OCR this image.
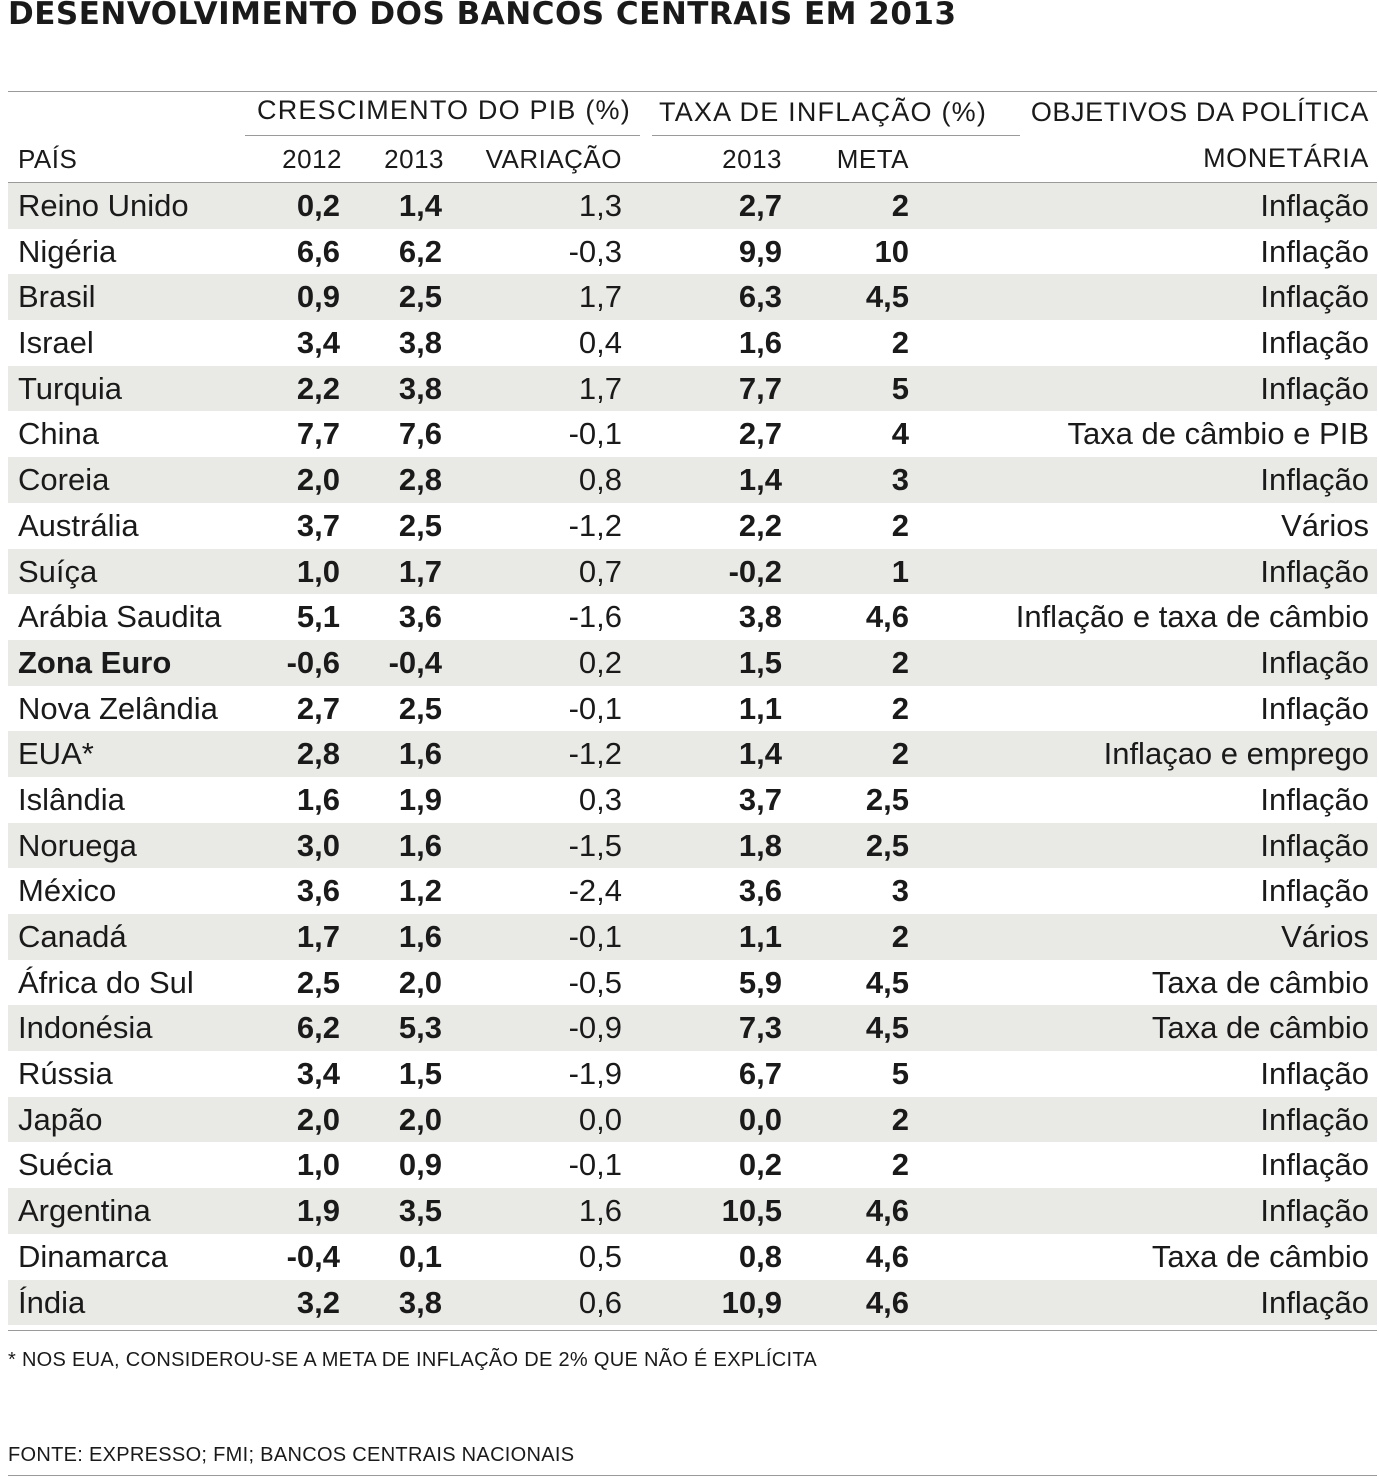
DESENVOLVIMENTO DOS BANCOS CENTRAIS EM 2013
CRESCIMENTO DO PIB (%) TAXA DE INFLAÇÃO (%) OBJETIVOS DA POLÍTICA
MONETÁRIA
PAÍS	2012 2013 VARIAÇÃO	2013 META
Reino Unido	0,2 1,4	1,3	2,7	2	Inflação
Nigéria	6,6 6,2	-0,3	9,9	10	Inflação
Brasil	0,9 2,5	1,7	6,3	4,5	Inflação
Israel	3,4 3,8	0,4	1,6	2	Inflação
Turquia	2,2 3,8	1,7	7,7	5	Inflação
China	7,7 7,6	-0,1	2,7	4	Taxa de câmbio e PIB
Coreia	2,0 2,8	0,8	1,4	3	Inflação
Austrália	3,7 2,5	-1,2	2,2	2	Vários
Suíça	1,0 1,7	0,7	-0,2	1	Inflação
Arábia Saudita 5,1 3,6	-1,6	3,8	4,6	Inflação e taxa de câmbio
Zona Euro	-0,6 -0,4	0,2	1,5	2	Inflação
Nova Zelândia	2,7 2,5	-0,1	1,1	2	Inflação
EUA*	2,8 1,6	-1,2	1,4	2	Inflaçao e emprego
Islândia	1,6 1,9	0,3	3,7	2,5	Inflação
Noruega	3,0 1,6	-1,5	1,8	2,5	Inflação
México	3,6 1,2	-2,4	3,6	3	Inflação
Canadá	1,7 1,6	-0,1	1,1	2	Vários
África do Sul	2,5 2,0	-0,5	5,9	4,5	Taxa de câmbio
Indonésia	6,2 5,3	-0,9	7,3	4,5	Taxa de câmbio
Rússia	3,4 1,5	-1,9	6,7	5	Inflação
Japão	2,0 2,0	0,0	0,0	2	Inflação
Suécia	1,0 0,9	-0,1	0,2	2	Inflação
Argentina	1,9 3,5	1,6	10,5	4,6	Inflação
Dinamarca	-0,4 0,1	0,5	0,8	4,6	Taxa de câmbio
Índia	3,2 3,8	0,6	10,9	4,6	Inflação
* NOS EUA, CONSIDEROU-SE A META DE INFLAÇÃO DE 2% QUE NÃO É EXPLÍCITA
FONTE: EXPRESSO; FMI; BANCOS CENTRAIS NACIONAIS
